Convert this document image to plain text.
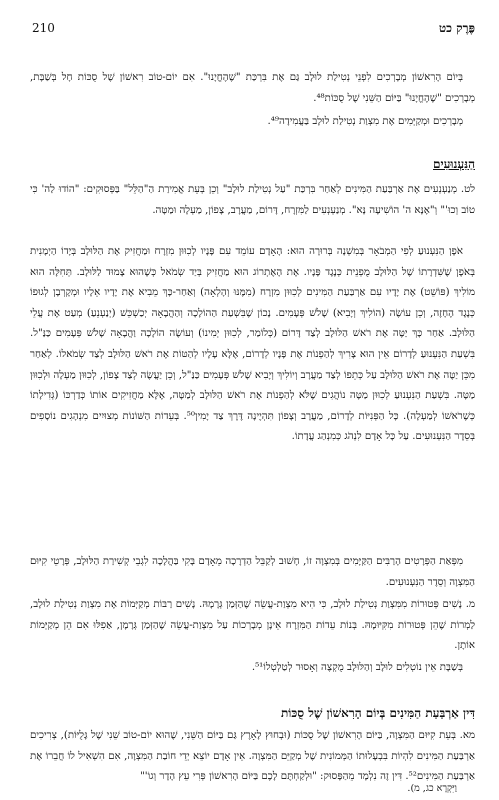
פֶּרֶק כט
210
בְּיוֹם הָרִאשׁוֹן מְבָרְכִים לִפְנֵי נְטִילַת לוּלָב גַּם אֶת בִּרְכַּת "שֶׁהֶחֱיָנוּ". אִם יוֹם-טוֹב רִאשׁוֹן שֶׁל סֻכּוֹת חָל בְּשַׁבָּת, מְבָרְכִים "שֶׁהֶחֱיָנוּ" בַּיּוֹם הַשֵּׁנִי שֶׁל סֻכּוֹת⁴⁸.
מְבָרְכִים וּמְקַיְּמִים אֶת מִצְוַת נְטִילַת לוּלָב בַּעֲמִידָה⁴⁹.
הַנִּעְנוּעִים
לט. מְנַעְנְעִים אֶת אַרְבַּעַת הַמִּינִים לְאַחַר בִּרְכַּת "עַל נְטִילַת לוּלָב" וְכֵן בְּעֵת אֲמִירַת הַ"הַלֵּל" בַּפְּסוּקִים: "הוֹדוּ לַה' כִּי טוֹב וְכוּ'" וְ"אָנָּא ה' הוֹשִׁיעָה נָּא". מְנַעְנְעִים לַמִּזְרָח, דָּרוֹם, מַעֲרָב, צָפוֹן, מַעְלָה וּמַטָּה.
אֹפֶן הַנִּעְנוּעַ לְפִי הַמְבֹאָר בְּמִשְׁנָה בְּרוּרָה הוּא: הָאָדָם עוֹמֵד עִם פָּנָיו לְכִוּוּן מִזְרָח וּמַחֲזִיק אֶת הַלּוּלָב בְּיָדוֹ הַיְמָנִית בְּאֹפֶן שֶׁשִּׁדְרָתוֹ שֶׁל הַלּוּלָב מֻפְנֵית כְּנֶגֶד פָּנָיו. אֶת הָאֶתְרוֹג הוּא מַחֲזִיק בְּיַד שְׂמֹאל כְּשֶׁהוּא צָמוּד לַלּוּלָב. תְּחִלָּה הוּא מוֹלִיךְ (פּוֹשֵׁט) אֶת יָדָיו עִם אַרְבַּעַת הַמִּינִים לְכִוּוּן מִזְרָח (מִמֶּנּוּ וְהָלְאָה) וְאַחַר-כָּךְ מֵבִיא אֶת יָדָיו אֵלָיו וּמְקָרְבָן לְגוּפוֹ כְּנֶגֶד הֶחָזֶה, וְכֵן עוֹשֶׂה (הוֹלִיךְ וְיָבִיא) שָׁלֹשׁ פְּעָמִים. נָכוֹן שֶׁבִּשְׁעַת הַהוֹלָכָה וְהַהֲבָאָה יְכַשְׁכֵּשׁ (יְנַעְנֵעַ) מְעַט אֶת עֲלֵי הַלּוּלָב. אַחַר כָּךְ יַטֶּה אֶת רֹאשׁ הַלּוּלָב לְצַד דָּרוֹם (כְּלוֹמַר, לְכִוּוּן יְמִינוֹ) וְעוֹשֶׂה הוֹלָכָה וַהֲבָאָה שָׁלֹשׁ פְּעָמִים כַּנַּ"ל. בִּשְׁעַת הַנִּעְנוּעַ לְדָרוֹם אֵין הוּא צָרִיךְ לְהַפְנוֹת אֶת פָּנָיו לְדָרוֹם, אֶלָּא עָלָיו לְהַטּוֹת אֶת רֹאשׁ הַלּוּלָב לְצַד שְׂמֹאלוֹ. לְאַחַר מִכֵּן יַטֶּה אֶת רֹאשׁ הַלּוּלָב עַל כְּתֵפוֹ לְצַד מַעֲרָב וְיוֹלִיךְ וְיָבִיא שָׁלֹשׁ פְּעָמִים כַּנַּ"ל, וְכֵן יַעֲשֶׂה לְצַד צָפוֹן, לְכִוּוּן מַעְלָה וּלְכִוּוּן מַטָּה. בִּשְׁעַת הַנִּעְנוּעַ לְכִוּוּן מַטָּה נוֹהֲגִים שֶׁלֹּא לְהַפְנוֹת אֶת רֹאשׁ הַלּוּלָב לְמַטָּה, אֶלָּא מַחֲזִיקִים אוֹתוֹ כְּדַרְכּוֹ (גְּדִילָתוֹ כְּשֶׁרֹאשׁוֹ לְמַעְלָה). כָּל הַפְּנִיּוֹת לְדָרוֹם, מַעֲרָב וְצָפוֹן תִּהְיֶינָה דֶּרֶךְ צַד יָמִין⁵⁰. בְּעֵדוֹת הַשּׁוֹנוֹת מְצוּיִים מִנְהָגִים נוֹסָפִים בְּסֵדֶר הַנִּעְנוּעִים. עַל כָּל אָדָם לִנְהֹג כְּמִנְהַג עֲדָתוֹ.
מִפְּאַת הַפְּרָטִים הָרַבִּים הַקַּיָּמִים בְּמִצְוָה זוֹ, חָשׁוּב לְקַבֵּל הַדְרָכָה מֵאָדָם בָּקִי בַּהֲלָכָה לִגְבֵי קְשִׁירַת הַלּוּלָב, פְּרָטֵי קִיּוּם הַמִּצְוָה וְסֵדֶר הַנִּעְנוּעִים.
מ. נָשִׁים פְּטוּרוֹת מִמִּצְוַת נְטִילַת לוּלָב, כִּי הִיא מִצְוַת-עֲשֵׂה שֶׁהַזְּמַן גְּרָמָהּ. נָשִׁים רַבּוֹת מְקַיְּמוֹת אֶת מִצְוַת נְטִילַת לוּלָב, לַמְרוֹת שֶׁהֵן פְּטוּרוֹת מִקִּיּוּמָהּ. בְּנוֹת עֵדוֹת הַמִּזְרָח אֵינָן מְבָרְכוֹת עַל מִצְוַת-עֲשֵׂה שֶׁהַזְּמַן גְּרָמָן, אַפִלּוּ אִם הֵן מְקַיְּמוֹת אוֹתָן.
בְּשַׁבָּת אֵין נוֹטְלִים לוּלָב וְהַלּוּלָב מֻקְצֶה וְאָסוּר לְטַלְטְלוֹ⁵¹.
דִּין אַרְבַּעַת הַמִּינִים בְּיוֹם הָרִאשׁוֹן שֶׁל סֻכּוֹת
מא. בְּעֵת קִיּוּם הַמִּצְוָה, בַּיּוֹם הָרִאשׁוֹן שֶׁל סֻכּוֹת (וּבְחוּץ לָאָרֶץ גַּם בַּיּוֹם הַשֵּׁנִי, שֶׁהוּא יוֹם-טוֹב שֵׁנִי שֶׁל גָּלֻיּוֹת), צְרִיכִים אַרְבַּעַת הַמִּינִים לִהְיוֹת בִּבְעָלוּתוֹ הַמְּמוֹנִית שֶׁל מְקַיֵּם הַמִּצְוָה. אֵין אָדָם יוֹצֵא יְדֵי חוֹבַת הַמִּצְוָה, אִם הִשְׁאִיל לוֹ חֲבֵרוֹ אֶת אַרְבַּעַת הַמִּינִים⁵². דִּין זֶה נִלְמָד מֵהַפָּסוּק: "וּלְקַחְתֶּם לָכֶם בַּיּוֹם הָרִאשׁוֹן פְּרִי עֵץ הָדָר וְגוֹ'"
וַיִּקְרָא כג, מ).
